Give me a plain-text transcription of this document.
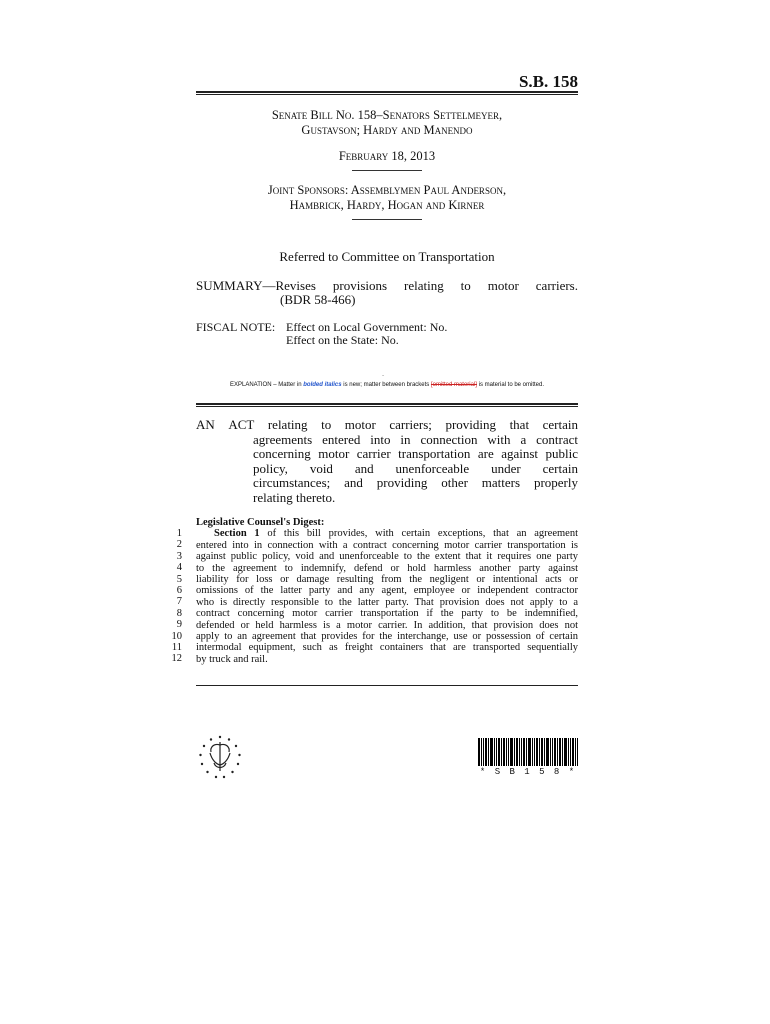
S.B. 158
Senate Bill No. 158–Senators Settelmeyer,
Gustavson; Hardy and Manendo
February 18, 2013
Joint Sponsors: Assemblymen Paul Anderson,
Hambrick, Hardy, Hogan and Kirner
Referred to Committee on Transportation
SUMMARY —Revises provisions relating to motor carriers.
(BDR 58-466)
FISCAL NOTE: Effect on Local Government: No.
Effect on the State: No.
~
EXPLANATION – Matter in bolded italics is new; matter between brackets [omitted material] is material to be omitted.
AN ACT relating to motor carriers; providing that certain
agreements entered into in connection with a contract
concerning motor carrier transportation are against public
policy, void and unenforceable under certain
circumstances; and providing other matters properly
relating thereto.
1
2
3
4
5
6
7
8
9
10
11
12
Legislative Counsel's Digest:
Section 1 of this bill provides, with certain exceptions, that an agreement
entered into in connection with a contract concerning motor carrier transportation is
against public policy, void and unenforceable to the extent that it requires one party
to the agreement to indemnify, defend or hold harmless another party against
liability for loss or damage resulting from the negligent or intentional acts or
omissions of the latter party and any agent, employee or independent contractor
who is directly responsible to the latter party. That provision does not apply to a
contract concerning motor carrier transportation if the party to be indemnified,
defended or held harmless is a motor carrier. In addition, that provision does not
apply to an agreement that provides for the interchange, use or possession of certain
intermodal equipment, such as freight containers that are transported sequentially
by truck and rail.
* S B 1 5 8 *
